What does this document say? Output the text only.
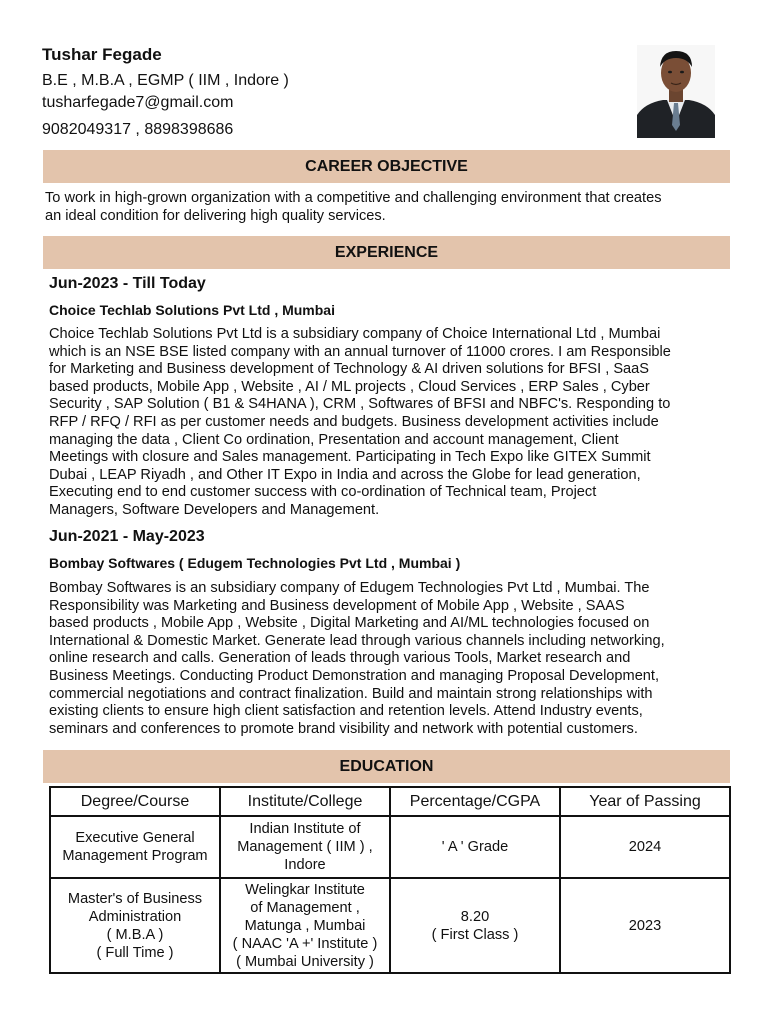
Tushar Fegade
B.E , M.B.A , EGMP ( IIM , Indore )
tusharfegade7@gmail.com
9082049317 , 8898398686
CAREER OBJECTIVE
To work in high-grown organization with a competitive and challenging environment that creates
an ideal condition for delivering high quality services.
EXPERIENCE
Jun-2023 - Till Today
Choice Techlab Solutions Pvt Ltd , Mumbai
Choice Techlab Solutions Pvt Ltd is a subsidiary company of Choice International Ltd , Mumbai
which is an NSE BSE listed company with an annual turnover of 11000 crores. I am Responsible
for Marketing and Business development of Technology & AI driven solutions for BFSI , SaaS
based products, Mobile App , Website , AI / ML projects , Cloud Services , ERP Sales , Cyber
Security , SAP Solution ( B1 & S4HANA ), CRM , Softwares of BFSI and NBFC's. Responding to
RFP / RFQ / RFI as per customer needs and budgets. Business development activities include
managing the data , Client Co ordination, Presentation and account management, Client
Meetings with closure and Sales management. Participating in Tech Expo like GITEX Summit
Dubai , LEAP Riyadh , and Other IT Expo in India and across the Globe for lead generation,
Executing end to end customer success with co-ordination of Technical team, Project
Managers, Software Developers and Management.
Jun-2021 - May-2023
Bombay Softwares ( Edugem Technologies Pvt Ltd , Mumbai )
Bombay Softwares is an subsidiary company of Edugem Technologies Pvt Ltd , Mumbai. The
Responsibility was Marketing and Business development of Mobile App , Website , SAAS
based products , Mobile App , Website , Digital Marketing and AI/ML technologies focused on
International & Domestic Market. Generate lead through various channels including networking,
online research and calls. Generation of leads through various Tools, Market research and
Business Meetings. Conducting Product Demonstration and managing Proposal Development,
commercial negotiations and contract finalization. Build and maintain strong relationships with
existing clients to ensure high client satisfaction and retention levels. Attend Industry events,
seminars and conferences to promote brand visibility and network with potential customers.
EDUCATION
Degree/Course	Institute/College	Percentage/CGPA	Year of Passing

Executive General
Management Program	Indian Institute of
Management ( IIM ) ,
Indore	' A ' Grade	2024

Master's of Business
Administration
( M.B.A )
( Full Time )	Welingkar Institute
of Management ,
Matunga , Mumbai
( NAAC 'A +' Institute )
( Mumbai University )	8.20
( First Class )	2023
